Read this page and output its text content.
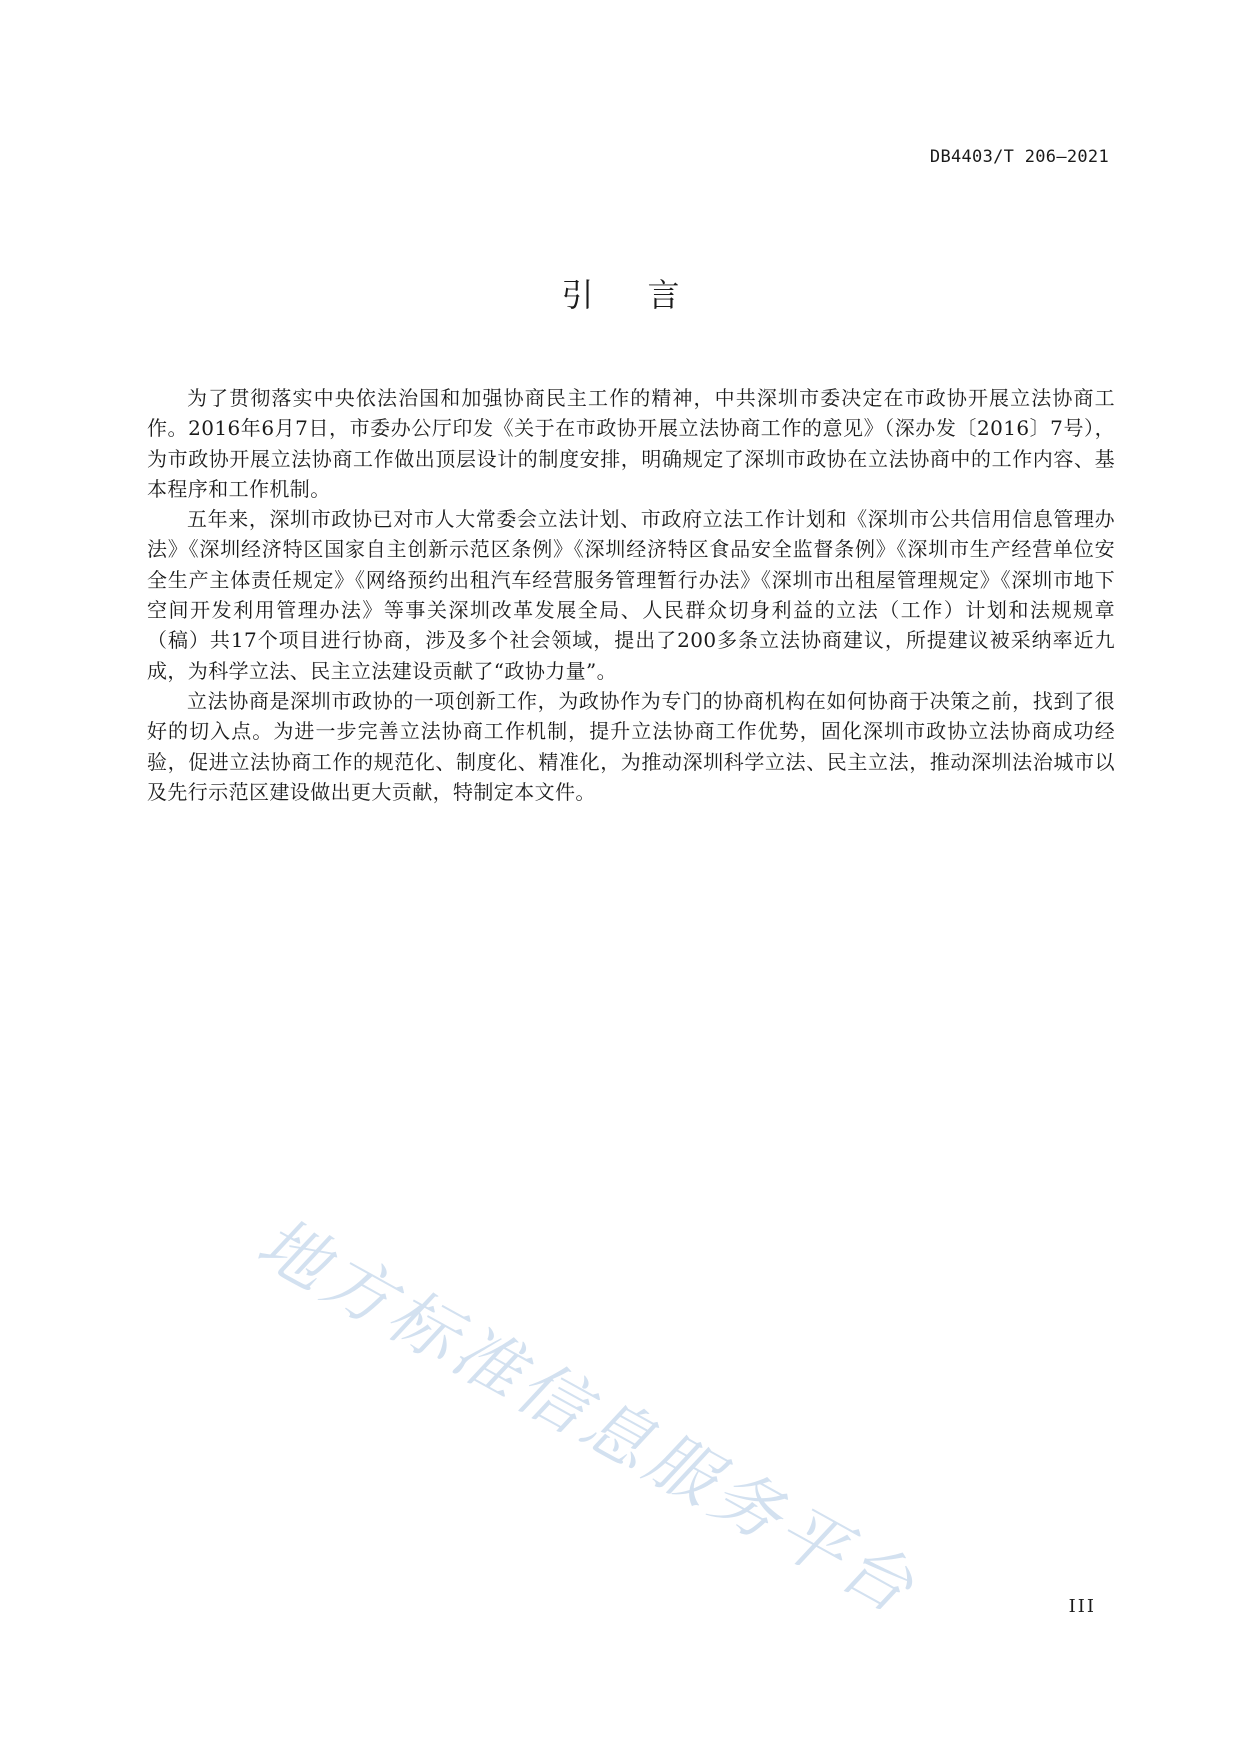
DB4403/T 206—2021
引言

为了贯彻落实中央依法治国和加强协商民主工作的精神，中共深圳市委决定在市政协开展立法协商工作。2016年6月7日，市委办公厅印发《关于在市政协开展立法协商工作的意见》（深办发〔2016〕7号），为市政协开展立法协商工作做出顶层设计的制度安排，明确规定了深圳市政协在立法协商中的工作内容、基本程序和工作机制。

五年来，深圳市政协已对市人大常委会立法计划、市政府立法工作计划和《深圳市公共信用信息管理办法》《深圳经济特区国家自主创新示范区条例》《深圳经济特区食品安全监督条例》《深圳市生产经营单位安全生产主体责任规定》《网络预约出租汽车经营服务管理暂行办法》《深圳市出租屋管理规定》《深圳市地下空间开发利用管理办法》等事关深圳改革发展全局、人民群众切身利益的立法（工作）计划和法规规章（稿）共17个项目进行协商，涉及多个社会领域，提出了200多条立法协商建议，所提建议被采纳率近九成，为科学立法、民主立法建设贡献了“政协力量”。

立法协商是深圳市政协的一项创新工作，为政协作为专门的协商机构在如何协商于决策之前，找到了很好的切入点。为进一步完善立法协商工作机制，提升立法协商工作优势，固化深圳市政协立法协商成功经验，促进立法协商工作的规范化、制度化、精准化，为推动深圳科学立法、民主立法，推动深圳法治城市以及先行示范区建设做出更大贡献，特制定本文件。

地方标准信息服务平台	III
